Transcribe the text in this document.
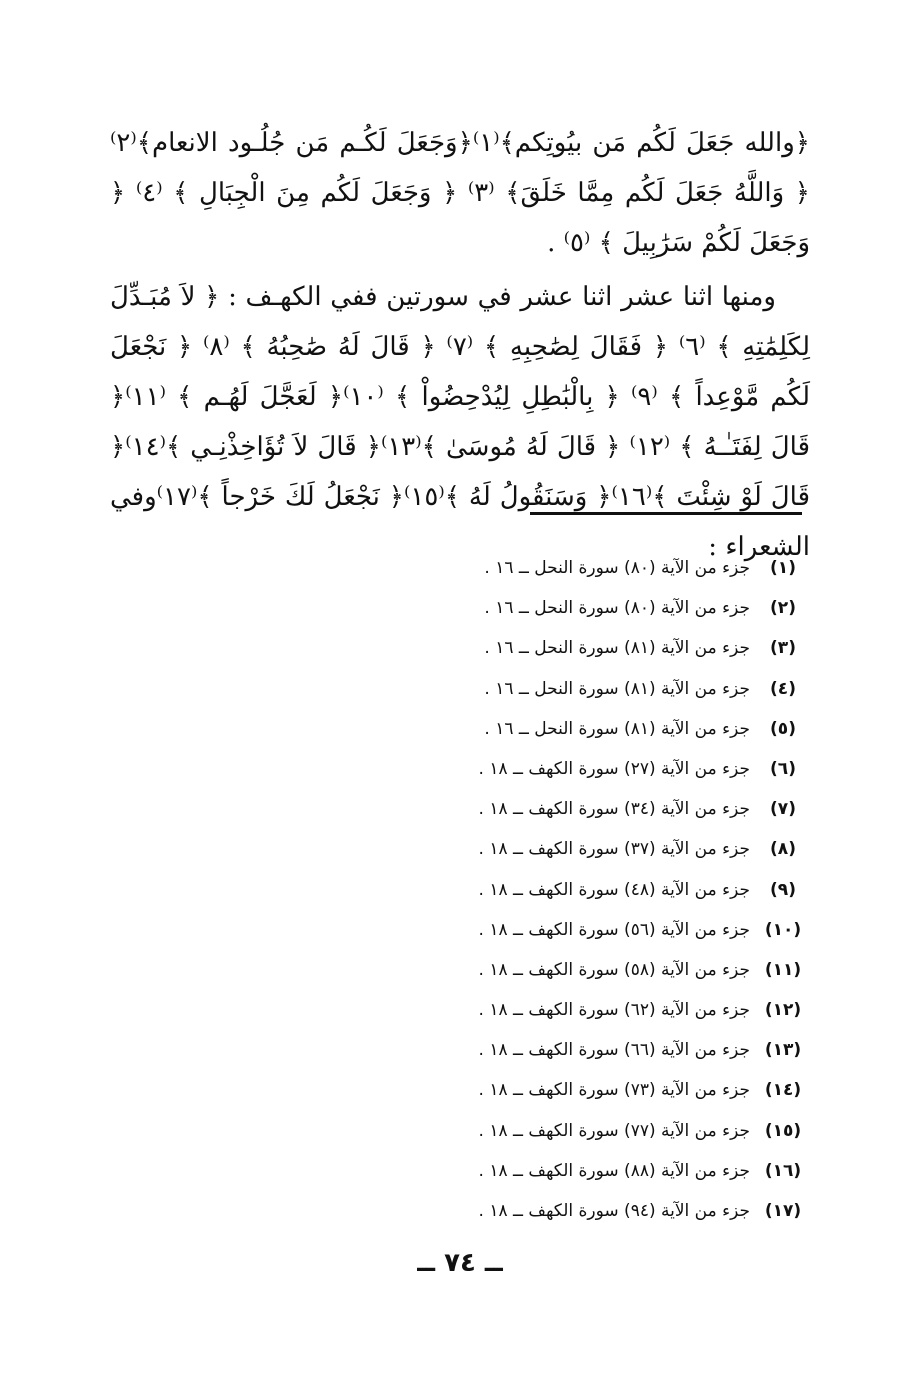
﴿والله جَعَلَ لَكُم مَن بيُوتِكم﴾⁽١⁾﴿وَجَعَلَ لَكُـم مَن جُلُـود الانعام﴾⁽٢⁾ ﴿ وَاللَّهُ جَعَلَ لَكُم مِمَّا خَلَقَ﴾ ⁽٣⁾ ﴿ وَجَعَلَ لَكُم مِنَ الْجِبَالِ ﴾ ⁽٤⁾ ﴿ وَجَعَلَ لَكُمْ سَرَٰبِيلَ ﴾ ⁽٥⁾ .

ومنها اثنا عشر اثنا عشر في سورتين ففي الكهـف : ﴿ لاَ مُبَـدِّلَ لِكَلِمَٰتِهِ ﴾ ⁽٦⁾ ﴿ فَقَالَ لِصَٰحِبِهِ ﴾ ⁽٧⁾ ﴿ قَالَ لَهُ صَٰحِبُهُ ﴾ ⁽٨⁾ ﴿ نَجْعَلَ لَكُم مَّوْعِداً ﴾ ⁽٩⁾ ﴿ بِالْبَٰطِلِ لِيُدْحِضُواْ ﴾ ⁽١٠⁾﴿ لَعَجَّلَ لَهُـم ﴾ ⁽١١⁾﴿ قَالَ لِفَتَـٰـهُ ﴾ ⁽١٢⁾ ﴿ قَالَ لَهُ مُوسَىٰ ﴾⁽١٣⁾﴿ قَالَ لاَ تُؤَاخِذْنِـي ﴾⁽١٤⁾﴿ قَالَ لَوْ شِئْتَ ﴾⁽١٦⁾﴿ وَسَنَقُولُ لَهُ ﴾⁽١٥⁾﴿ نَجْعَلُ لَكَ خَرْجاً ﴾⁽١٧⁾وفي الشعراء :

(١)
جزء من الآية (٨٠) سورة النحل ــ ١٦ .
(٢)
جزء من الآية (٨٠) سورة النحل ــ ١٦ .
(٣)
جزء من الآية (٨١) سورة النحل ــ ١٦ .
(٤)
جزء من الآية (٨١) سورة النحل ــ ١٦ .
(٥)
جزء من الآية (٨١) سورة النحل ــ ١٦ .
(٦)
جزء من الآية (٢٧) سورة الكهف ــ ١٨ .
(٧)
جزء من الآية (٣٤) سورة الكهف ــ ١٨ .
(٨)
جزء من الآية (٣٧) سورة الكهف ــ ١٨ .
(٩)
جزء من الآية (٤٨) سورة الكهف ــ ١٨ .
(١٠)
جزء من الآية (٥٦) سورة الكهف ــ ١٨ .
(١١)
جزء من الآية (٥٨) سورة الكهف ــ ١٨ .
(١٢)
جزء من الآية (٦٢) سورة الكهف ــ ١٨ .
(١٣)
جزء من الآية (٦٦) سورة الكهف ــ ١٨ .
(١٤)
جزء من الآية (٧٣) سورة الكهف ــ ١٨ .
(١٥)
جزء من الآية (٧٧) سورة الكهف ــ ١٨ .
(١٦)
جزء من الآية (٨٨) سورة الكهف ــ ١٨ .
(١٧)
جزء من الآية (٩٤) سورة الكهف ــ ١٨ .
ــ ٧٤ ــ
